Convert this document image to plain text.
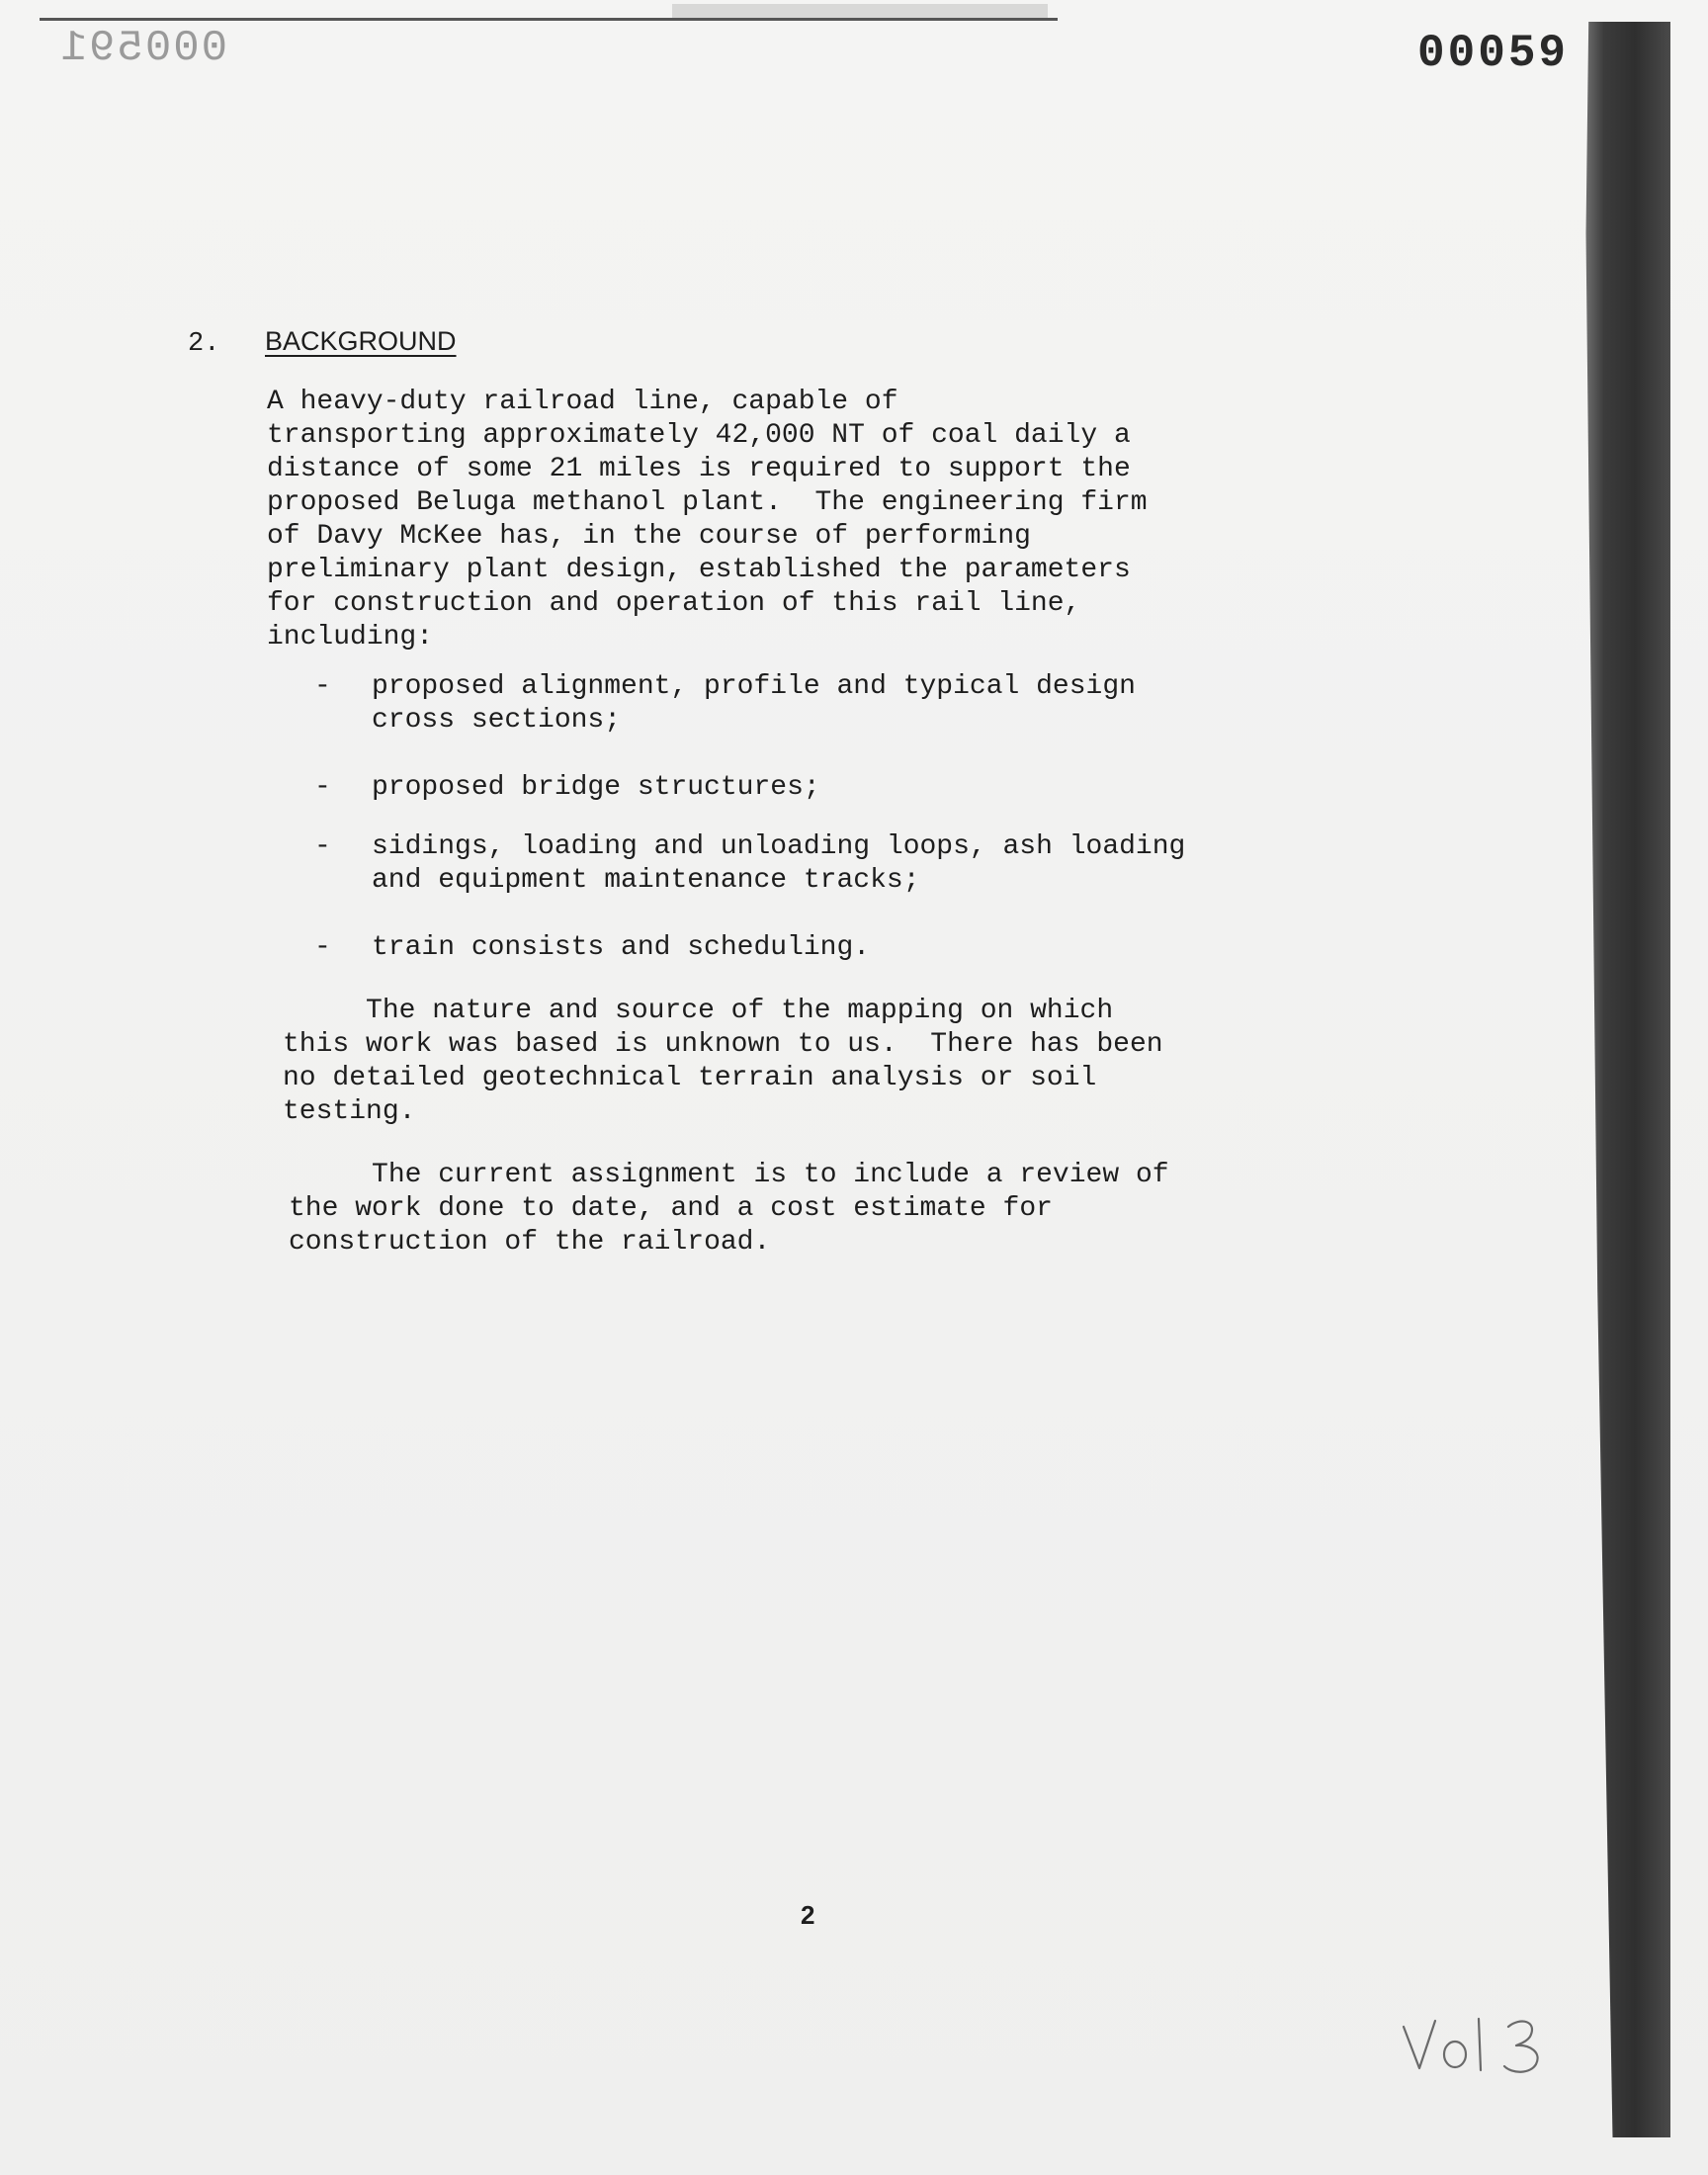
000591	00059
2. BACKGROUND

A heavy-duty railroad line, capable of
transporting approximately 42,000 NT of coal daily a
distance of some 21 miles is required to support the
proposed Beluga methanol plant.  The engineering firm
of Davy McKee has, in the course of performing
preliminary plant design, established the parameters
for construction and operation of this rail line,
including:

- proposed alignment, profile and typical design
cross sections;
- proposed bridge structures;
- sidings, loading and unloading loops, ash loading
and equipment maintenance tracks;
- train consists and scheduling.

The nature and source of the mapping on which
this work was based is unknown to us.  There has been
no detailed geotechnical terrain analysis or soil
testing.

The current assignment is to include a review of
the work done to date, and a cost estimate for
construction of the railroad.

2
